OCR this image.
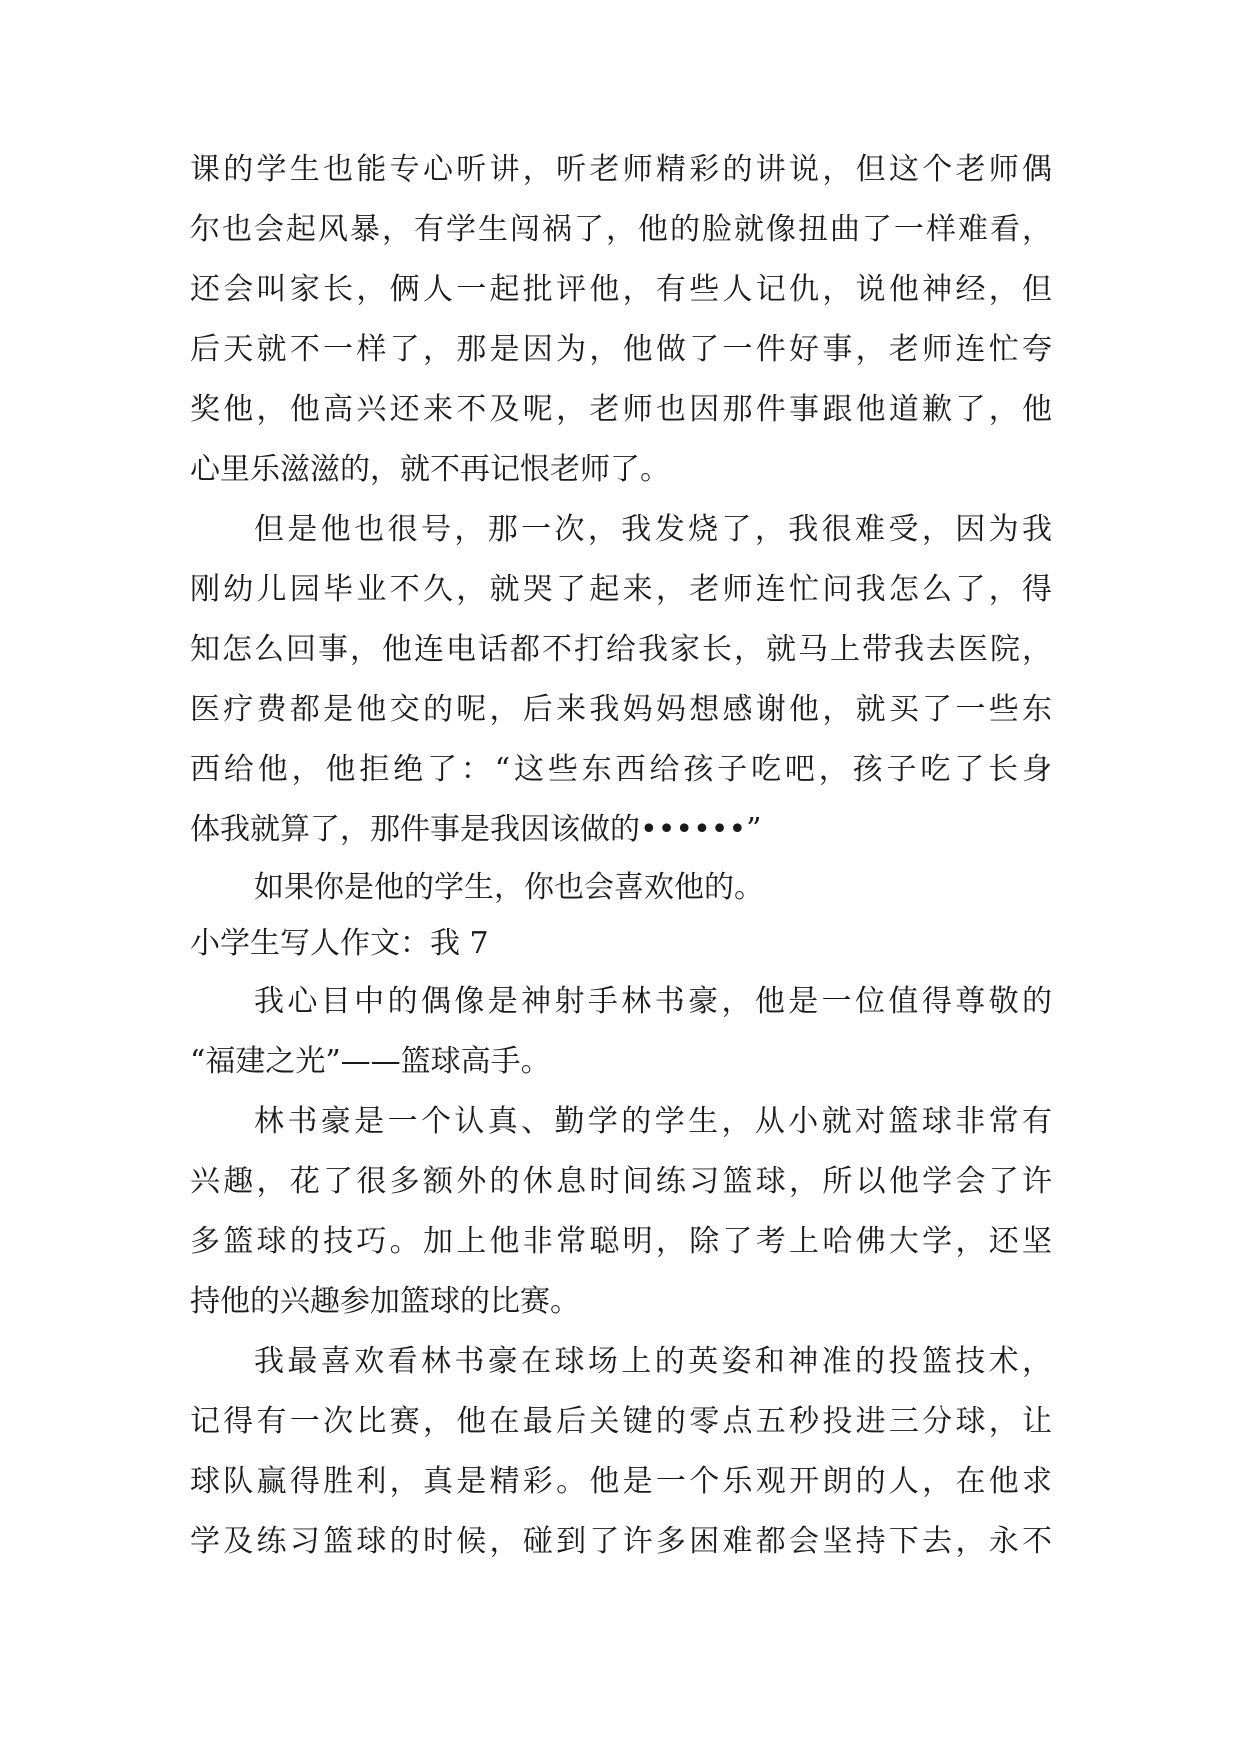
课的学生也能专心听讲，听老师精彩的讲说，但这个老师偶
尔也会起风暴，有学生闯祸了，他的脸就像扭曲了一样难看，
还会叫家长，俩人一起批评他，有些人记仇，说他神经，但
后天就不一样了，那是因为，他做了一件好事，老师连忙夸
奖他，他高兴还来不及呢，老师也因那件事跟他道歉了，他
心里乐滋滋的，就不再记恨老师了。
但是他也很号，那一次，我发烧了，我很难受，因为我
刚幼儿园毕业不久，就哭了起来，老师连忙问我怎么了，得
知怎么回事，他连电话都不打给我家长，就马上带我去医院，
医疗费都是他交的呢，后来我妈妈想感谢他，就买了一些东
西给他，他拒绝了：“这些东西给孩子吃吧，孩子吃了长身
体我就算了，那件事是我因该做的••••••”
如果你是他的学生，你也会喜欢他的。
小学生写人作文：我 7
我心目中的偶像是神射手林书豪，他是一位值得尊敬的
“福建之光”——篮球高手。
林书豪是一个认真、勤学的学生，从小就对篮球非常有
兴趣，花了很多额外的休息时间练习篮球，所以他学会了许
多篮球的技巧。加上他非常聪明，除了考上哈佛大学，还坚
持他的兴趣参加篮球的比赛。
我最喜欢看林书豪在球场上的英姿和神准的投篮技术，
记得有一次比赛，他在最后关键的零点五秒投进三分球，让
球队赢得胜利，真是精彩。他是一个乐观开朗的人，在他求
学及练习篮球的时候，碰到了许多困难都会坚持下去，永不
